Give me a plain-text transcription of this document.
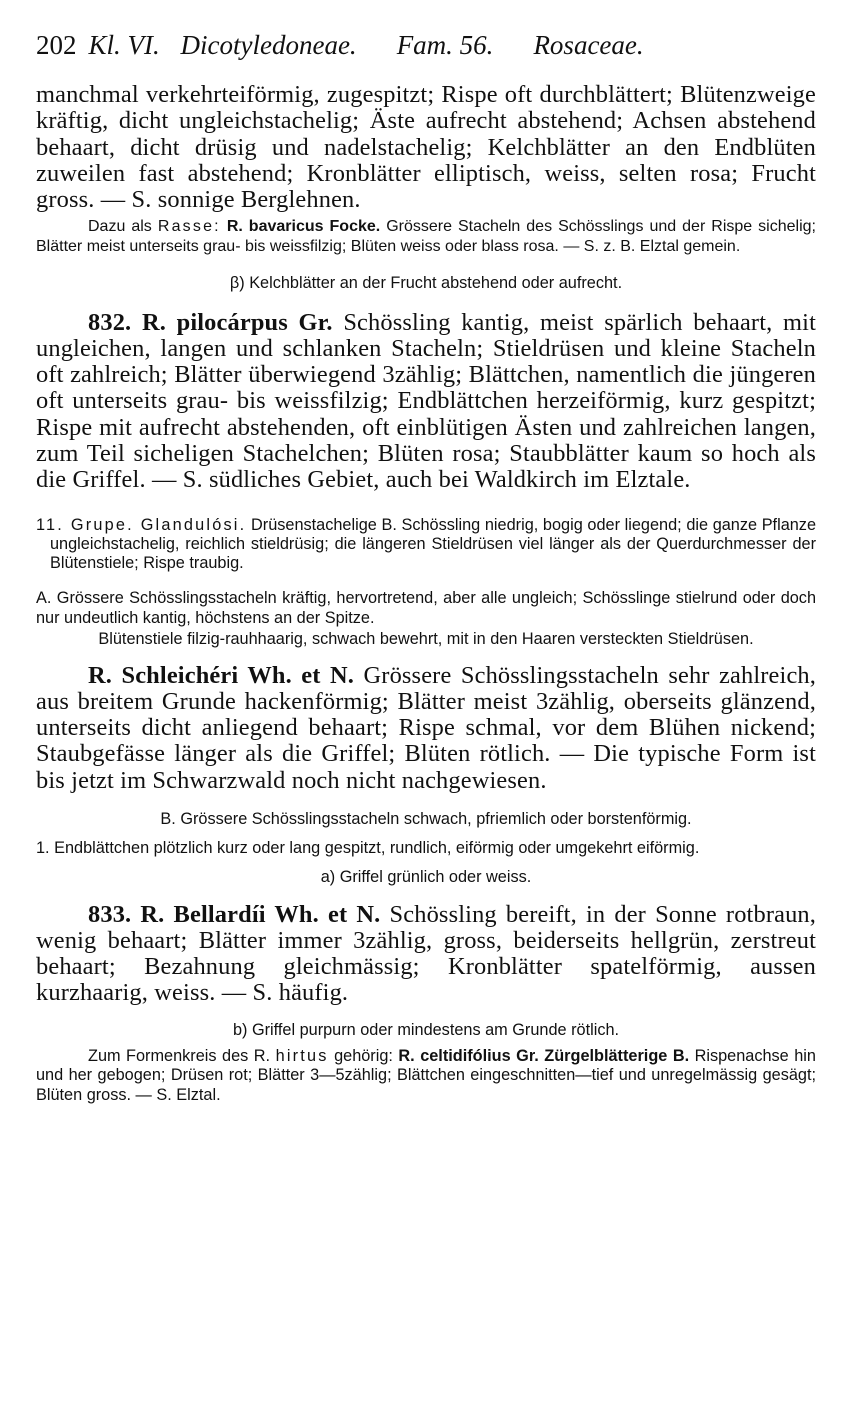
202 Kl. VI. Dicotyledoneae. Fam. 56. Rosaceae.

manchmal verkehrteiförmig, zugespitzt; Rispe oft durchblättert; Blütenzweige kräftig, dicht ungleichstachelig; Äste aufrecht abstehend; Achsen abstehend behaart, dicht drüsig und nadelstachelig; Kelchblätter an den Endblüten zuweilen fast abstehend; Kronblätter elliptisch, weiss, selten rosa; Frucht gross. — S. sonnige Berglehnen.

Dazu als Rasse: R. bavaricus Focke. Grössere Stacheln des Schösslings und der Rispe sichelig; Blätter meist unterseits grau- bis weissfilzig; Blüten weiss oder blass rosa. — S. z. B. Elztal gemein.

β) Kelchblätter an der Frucht abstehend oder aufrecht.

832. R. pilocárpus Gr. Schössling kantig, meist spärlich behaart, mit ungleichen, langen und schlanken Stacheln; Stieldrüsen und kleine Stacheln oft zahlreich; Blätter überwiegend 3zählig; Blättchen, namentlich die jüngeren oft unterseits grau- bis weissfilzig; Endblättchen herzeiförmig, kurz gespitzt; Rispe mit aufrecht abstehenden, oft einblütigen Ästen und zahlreichen langen, zum Teil sicheligen Stachelchen; Blüten rosa; Staubblätter kaum so hoch als die Griffel. — S. südliches Gebiet, auch bei Waldkirch im Elztale.

11. Grupe. Glandulósi. Drüsenstachelige B. Schössling niedrig, bogig oder liegend; die ganze Pflanze ungleichstachelig, reichlich stieldrüsig; die längeren Stieldrüsen viel länger als der Querdurchmesser der Blütenstiele; Rispe traubig.

A. Grössere Schösslingsstacheln kräftig, hervortretend, aber alle ungleich; Schösslinge stielrund oder doch nur undeutlich kantig, höchstens an der Spitze.

Blütenstiele filzig-rauhhaarig, schwach bewehrt, mit in den Haaren versteckten Stieldrüsen.

R. Schleichéri Wh. et N. Grössere Schösslingsstacheln sehr zahlreich, aus breitem Grunde hackenförmig; Blätter meist 3zählig, oberseits glänzend, unterseits dicht anliegend behaart; Rispe schmal, vor dem Blühen nickend; Staubgefässe länger als die Griffel; Blüten rötlich. — Die typische Form ist bis jetzt im Schwarzwald noch nicht nachgewiesen.

B. Grössere Schösslingsstacheln schwach, pfriemlich oder borstenförmig.

1. Endblättchen plötzlich kurz oder lang gespitzt, rundlich, eiförmig oder umgekehrt eiförmig.

a) Griffel grünlich oder weiss.

833. R. Bellardíi Wh. et N. Schössling bereift, in der Sonne rotbraun, wenig behaart; Blätter immer 3zählig, gross, beiderseits hellgrün, zerstreut behaart; Bezahnung gleichmässig; Kronblätter spatelförmig, aussen kurzhaarig, weiss. — S. häufig.

b) Griffel purpurn oder mindestens am Grunde rötlich.

Zum Formenkreis des R. hirtus gehörig: R. celtidifólius Gr. Zürgelblätterige B. Rispenachse hin und her gebogen; Drüsen rot; Blätter 3—5zählig; Blättchen eingeschnitten—tief und unregelmässig gesägt; Blüten gross. — S. Elztal.
